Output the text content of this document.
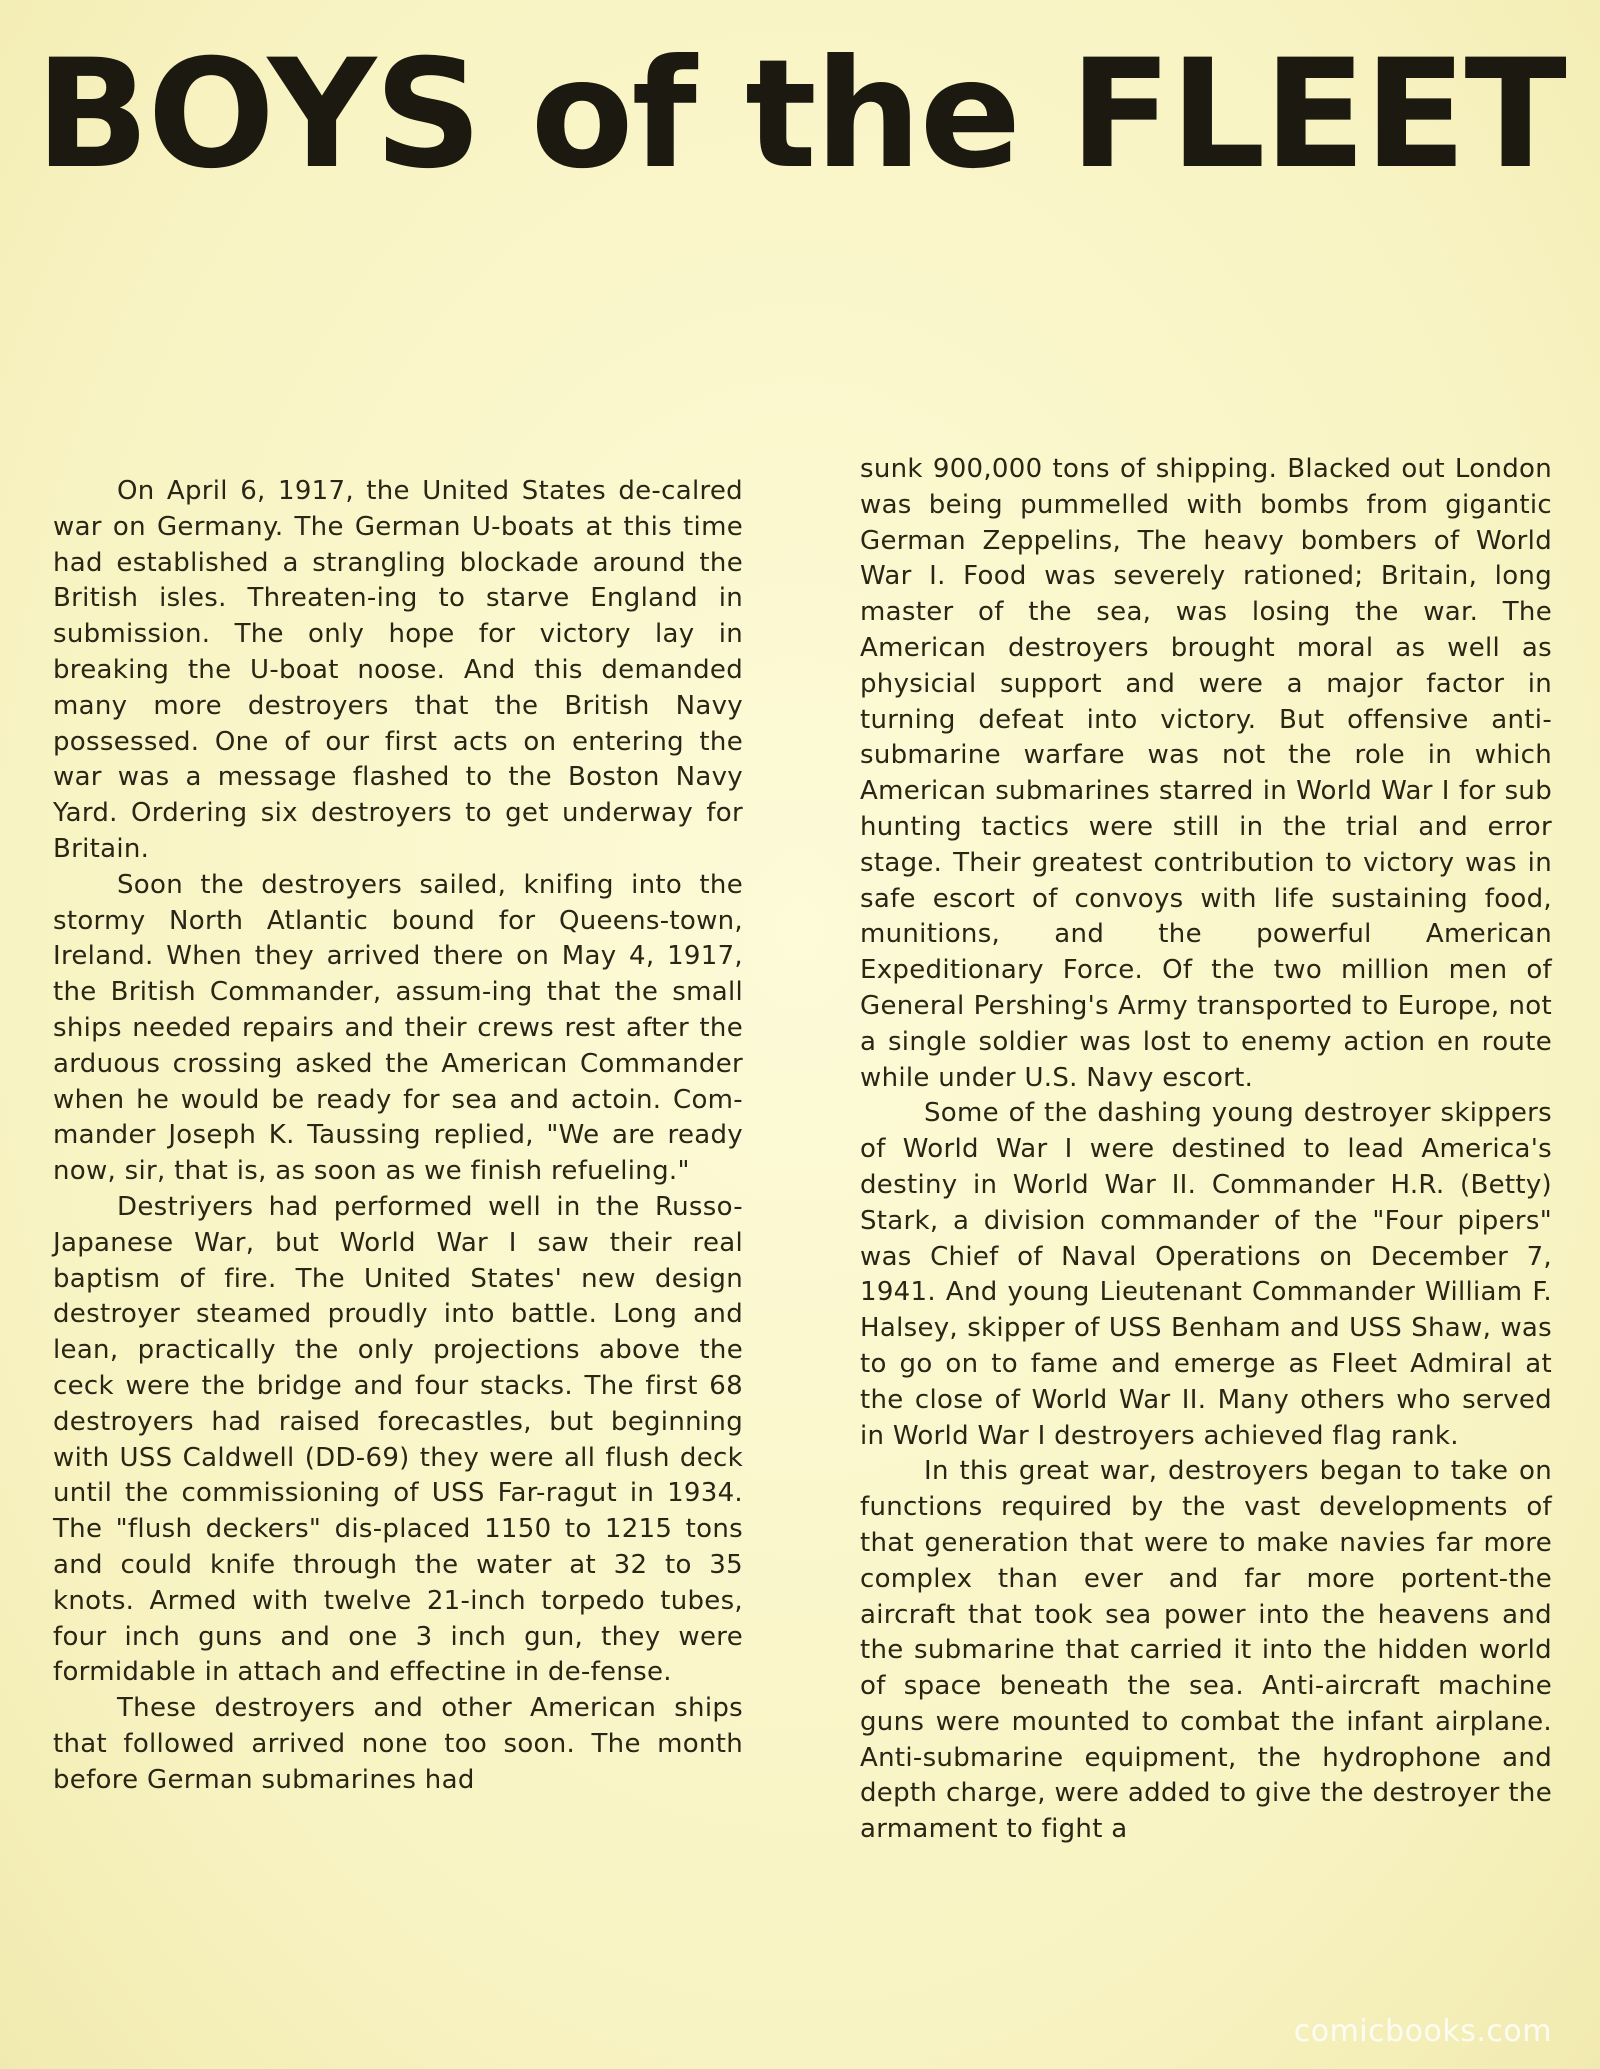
BOYS of the FLEET

On April 6, 1917, the United States de-calred war on Germany. The German U-boats at this time had established a strangling blockade around the British isles. Threaten-ing to starve England in submission. The only hope for victory lay in breaking the U-boat noose. And this demanded many more destroyers that the British Navy possessed. One of our first acts on entering the war was a message flashed to the Boston Navy Yard. Ordering six destroyers to get underway for Britain.

Soon the destroyers sailed, knifing into the stormy North Atlantic bound for Queens-town, Ireland. When they arrived there on May 4, 1917, the British Commander, assum-ing that the small ships needed repairs and their crews rest after the arduous crossing asked the American Commander when he would be ready for sea and actoin. Com-mander Joseph K. Taussing replied, "We are ready now, sir, that is, as soon as we finish refueling."

Destriyers had performed well in the Russo-Japanese War, but World War I saw their real baptism of fire. The United States' new design destroyer steamed proudly into battle. Long and lean, practically the only projections above the ceck were the bridge and four stacks. The first 68 destroyers had raised forecastles, but beginning with USS Caldwell (DD-69) they were all flush deck until the commissioning of USS Far-ragut in 1934. The "flush deckers" dis-placed 1150 to 1215 tons and could knife through the water at 32 to 35 knots. Armed with twelve 21-inch torpedo tubes, four inch guns and one 3 inch gun, they were formidable in attach and effectine in de-fense.

These destroyers and other American ships that followed arrived none too soon. The month before German submarines had

sunk 900,000 tons of shipping. Blacked out London was being pummelled with bombs from gigantic German Zeppelins, The heavy bombers of World War I. Food was severely rationed; Britain, long master of the sea, was losing the war. The American destroyers brought moral as well as physicial support and were a major factor in turning defeat into victory. But offensive anti-submarine warfare was not the role in which American submarines starred in World War I for sub hunting tactics were still in the trial and error stage. Their greatest contribution to victory was in safe escort of convoys with life sustaining food, munitions, and the powerful American Expeditionary Force. Of the two million men of General Pershing's Army transported to Europe, not a single soldier was lost to enemy action en route while under U.S. Navy escort.

Some of the dashing young destroyer skippers of World War I were destined to lead America's destiny in World War II. Commander H.R. (Betty) Stark, a division commander of the "Four pipers" was Chief of Naval Operations on December 7, 1941. And young Lieutenant Commander William F. Halsey, skipper of USS Benham and USS Shaw, was to go on to fame and emerge as Fleet Admiral at the close of World War II. Many others who served in World War I destroyers achieved flag rank.

In this great war, destroyers began to take on functions required by the vast developments of that generation that were to make navies far more complex than ever and far more portent-the aircraft that took sea power into the heavens and the submarine that carried it into the hidden world of space beneath the sea. Anti-aircraft machine guns were mounted to combat the infant airplane. Anti-submarine equipment, the hydrophone and depth charge, were added to give the destroyer the armament to fight a

comicbooks.com
